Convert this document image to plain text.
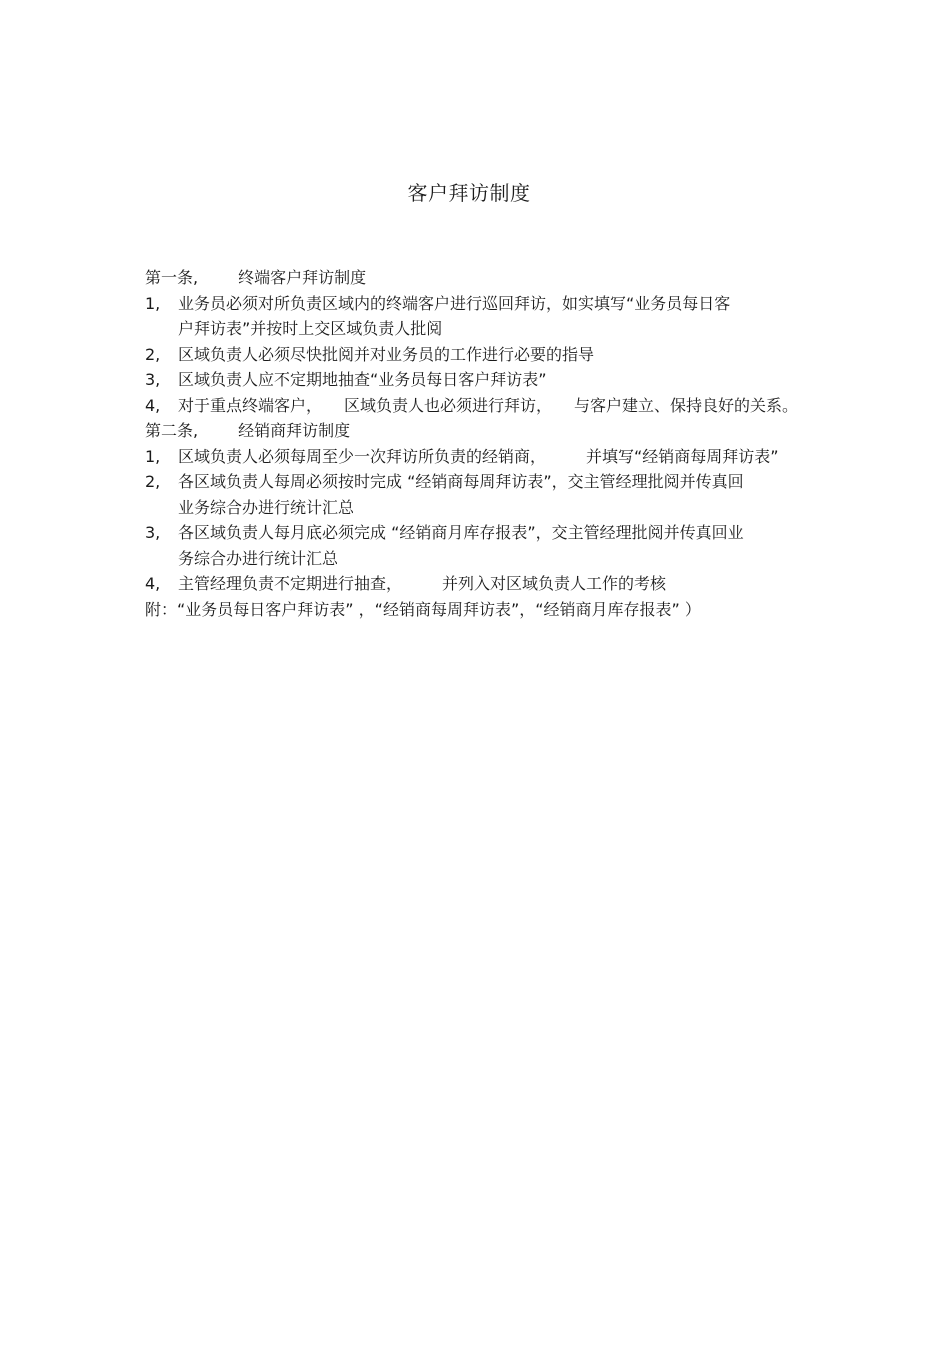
客户拜访制度
第一条,	终端客户拜访制度
1,	业务员必须对所负责区域内的终端客户进行巡回拜访，如实填写“业务员每日客
户拜访表”并按时上交区域负责人批阅
2,	区域负责人必须尽快批阅并对业务员的工作进行必要的指导
3,	区域负责人应不定期地抽查“业务员每日客户拜访表”
4,	对于重点终端客户， 区域负责人也必须进行拜访， 与客户建立、保持良好的关系。
第二条,	经销商拜访制度
1,	区域负责人必须每周至少一次拜访所负责的经销商，	并填写“经销商每周拜访表”
2,	各区域负责人每周必须按时完成 “经销商每周拜访表”，交主管经理批阅并传真回
业务综合办进行统计汇总
3,	各区域负责人每月底必须完成 “经销商月库存报表”，交主管经理批阅并传真回业
务综合办进行统计汇总
4,	主管经理负责不定期进行抽查，	并列入对区域负责人工作的考核
附：“业务员每日客户拜访表” ，“经销商每周拜访表”，“经销商月库存报表” ）
